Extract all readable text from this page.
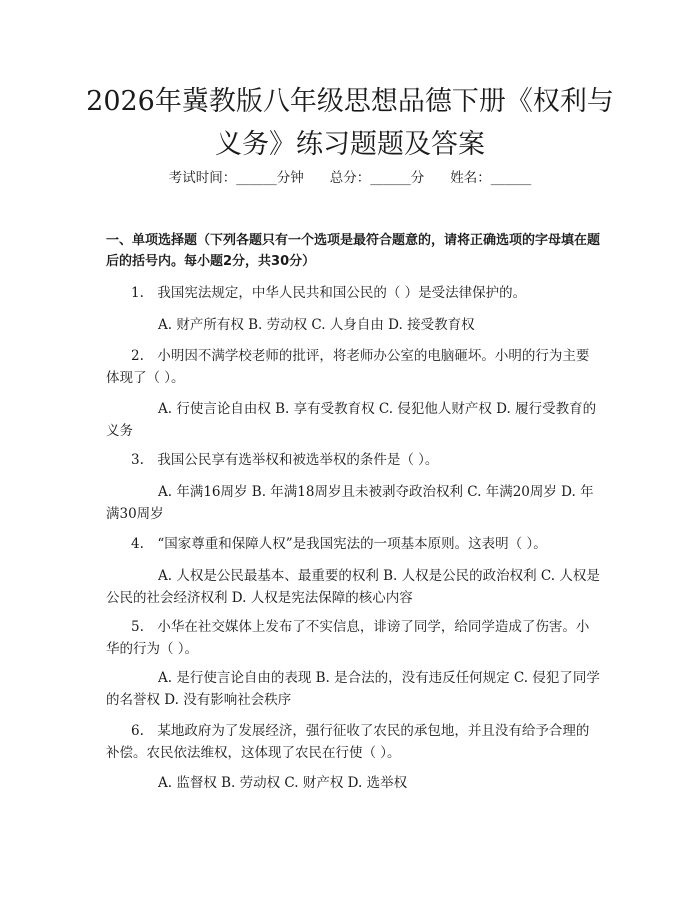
2026年冀教版八年级思想品德下册《权利与
义务》练习题题及答案
考试时间：______分钟 总分：______分 姓名：______
一、单项选择题（下列各题只有一个选项是最符合题意的，请将正确选项的字母填在题后的括号内。每小题2分，共30分）
1.　我国宪法规定，中华人民共和国公民的（ ）是受法律保护的。
A. 财产所有权 B. 劳动权 C. 人身自由 D. 接受教育权
2.　小明因不满学校老师的批评，将老师办公室的电脑砸坏。小明的行为主要体现了（ ）。
A. 行使言论自由权 B. 享有受教育权 C. 侵犯他人财产权 D. 履行受教育的义务
3.　我国公民享有选举权和被选举权的条件是（ ）。
A. 年满16周岁 B. 年满18周岁且未被剥夺政治权利 C. 年满20周岁 D. 年满30周岁
4.　“国家尊重和保障人权”是我国宪法的一项基本原则。这表明（ ）。
A. 人权是公民最基本、最重要的权利 B. 人权是公民的政治权利 C. 人权是公民的社会经济权利 D. 人权是宪法保障的核心内容
5.　小华在社交媒体上发布了不实信息，诽谤了同学，给同学造成了伤害。小华的行为（ ）。
A. 是行使言论自由的表现 B. 是合法的，没有违反任何规定 C. 侵犯了同学的名誉权 D. 没有影响社会秩序
6.　某地政府为了发展经济，强行征收了农民的承包地，并且没有给予合理的补偿。农民依法维权，这体现了农民在行使（ ）。
A. 监督权 B. 劳动权 C. 财产权 D. 选举权
